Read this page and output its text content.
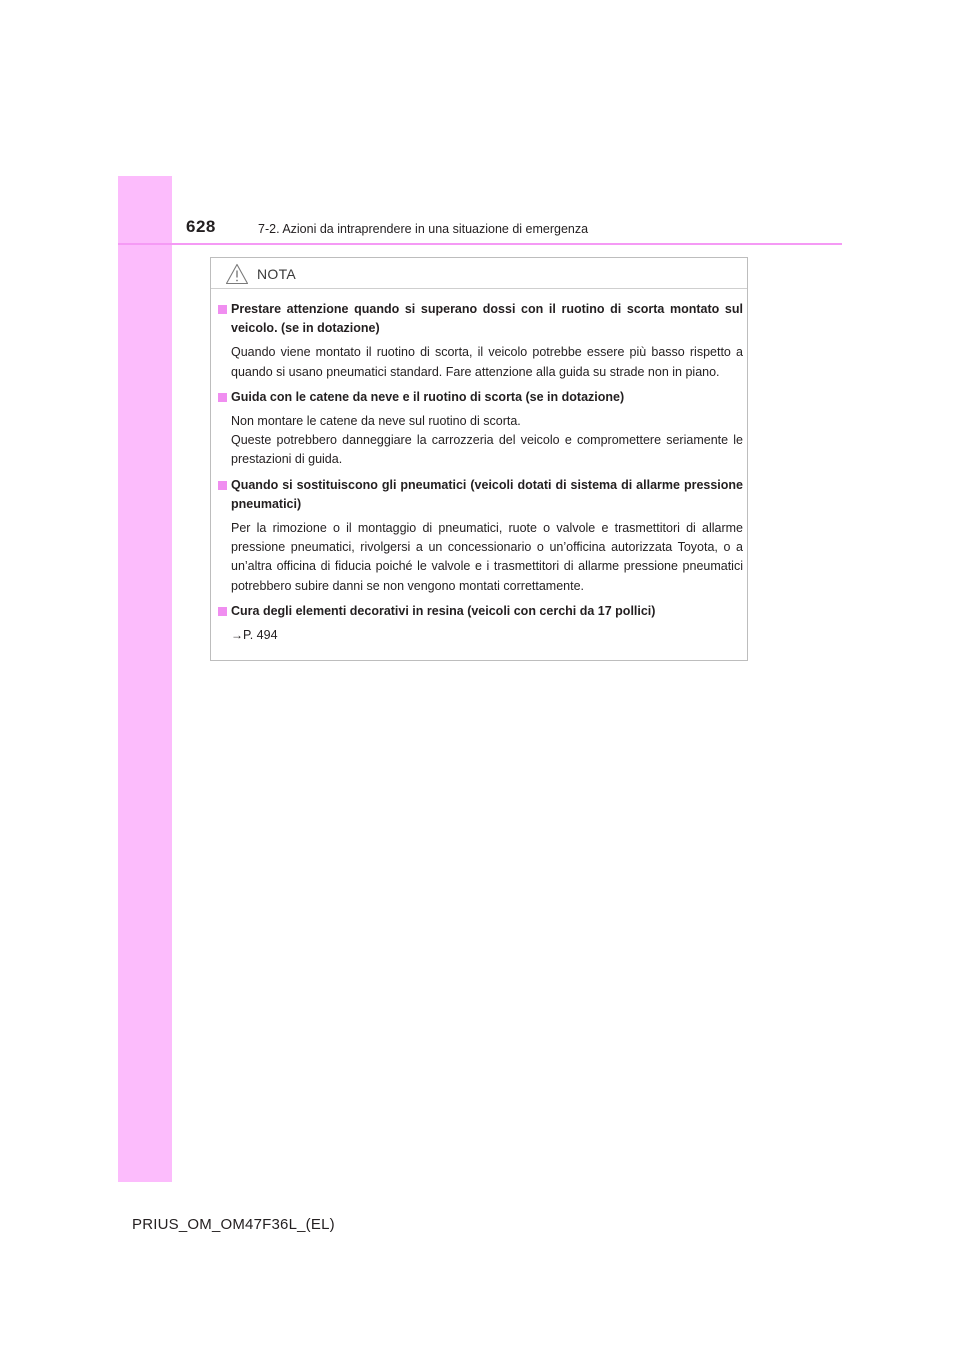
628	7-2. Azioni da intraprendere in una situazione di emergenza
NOTA
Prestare attenzione quando si superano dossi con il ruotino di scorta montato sul veicolo. (se in dotazione)

Quando viene montato il ruotino di scorta, il veicolo potrebbe essere più basso rispetto a quando si usano pneumatici standard. Fare attenzione alla guida su strade non in piano.

Guida con le catene da neve e il ruotino di scorta (se in dotazione)

Non montare le catene da neve sul ruotino di scorta.

Queste potrebbero danneggiare la carrozzeria del veicolo e compromettere seriamente le prestazioni di guida.

Quando si sostituiscono gli pneumatici (veicoli dotati di sistema di allarme pressione pneumatici)

Per la rimozione o il montaggio di pneumatici, ruote o valvole e trasmettitori di allarme pressione pneumatici, rivolgersi a un concessionario o un’officina autorizzata Toyota, o a un’altra officina di fiducia poiché le valvole e i trasmettitori di allarme pressione pneumatici potrebbero subire danni se non vengono montati correttamente.

Cura degli elementi decorativi in resina (veicoli con cerchi da 17 pollici)

→P. 494

PRIUS_OM_OM47F36L_(EL)
